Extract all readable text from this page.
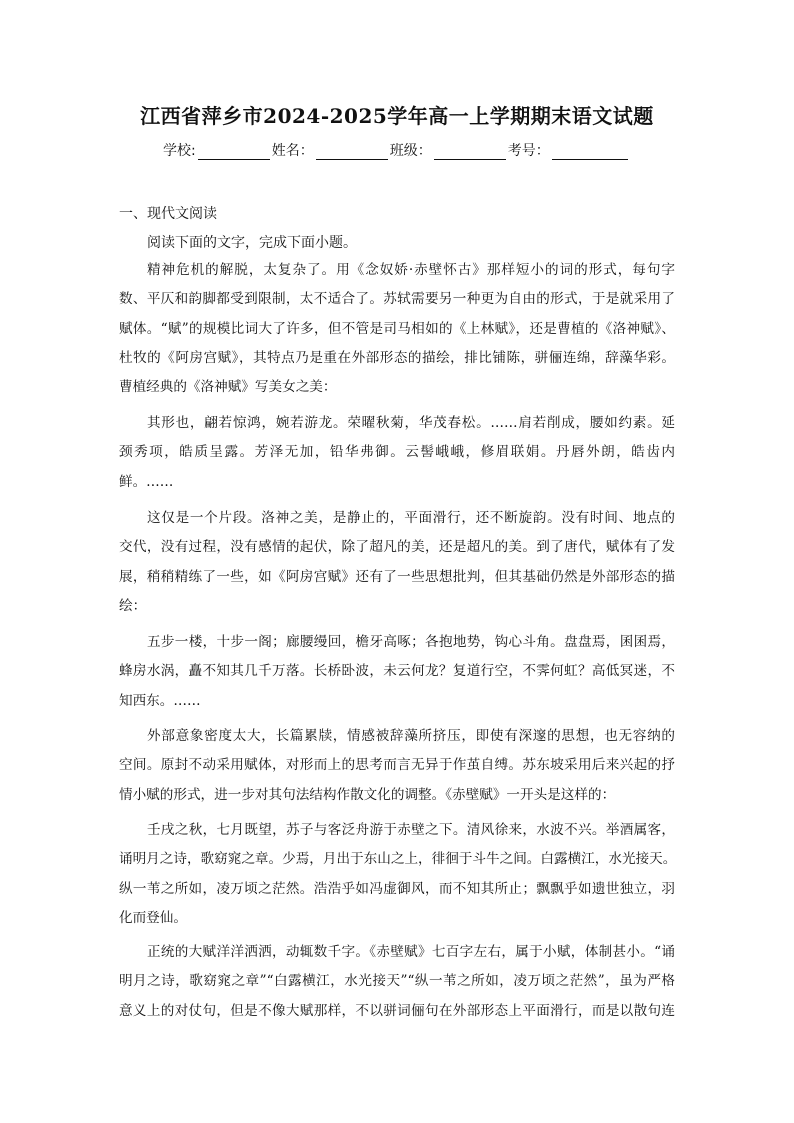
江西省萍乡市2024-2025学年高一上学期期末语文试题
学校:	姓名：	班级：	考号：
一、现代文阅读
阅读下面的文字，完成下面小题。
精神危机的解脱，太复杂了。用《念奴娇·赤壁怀古》那样短小的词的形式，每句字
数、平仄和韵脚都受到限制，太不适合了。苏轼需要另一种更为自由的形式，于是就采用了
赋体。“赋”的规模比词大了许多，但不管是司马相如的《上林赋》，还是曹植的《洛神赋》、
杜牧的《阿房宫赋》，其特点乃是重在外部形态的描绘，排比铺陈，骈俪连绵，辞藻华彩。
曹植经典的《洛神赋》写美女之美：
其形也，翩若惊鸿，婉若游龙。荣曜秋菊，华茂春松。……肩若削成，腰如约素。延
颈秀项，皓质呈露。芳泽无加，铅华弗御。云髻峨峨，修眉联娟。丹唇外朗，皓齿内
鲜。……
这仅是一个片段。洛神之美，是静止的，平面滑行，还不断旋韵。没有时间、地点的
交代，没有过程，没有感情的起伏，除了超凡的美，还是超凡的美。到了唐代，赋体有了发
展，稍稍精练了一些，如《阿房宫赋》还有了一些思想批判，但其基础仍然是外部形态的描
绘：
五步一楼，十步一阁；廊腰缦回，檐牙高啄；各抱地势，钩心斗角。盘盘焉，囷囷焉，
蜂房水涡，矗不知其几千万落。长桥卧波，未云何龙？复道行空，不霁何虹？高低冥迷，不
知西东。……
外部意象密度太大，长篇累牍，情感被辞藻所挤压，即使有深邃的思想，也无容纳的
空间。原封不动采用赋体，对形而上的思考而言无异于作茧自缚。苏东坡采用后来兴起的抒
情小赋的形式，进一步对其句法结构作散文化的调整。《赤壁赋》一开头是这样的：
壬戌之秋，七月既望，苏子与客泛舟游于赤壁之下。清风徐来，水波不兴。举酒属客，
诵明月之诗，歌窈窕之章。少焉，月出于东山之上，徘徊于斗牛之间。白露横江，水光接天。
纵一苇之所如，凌万顷之茫然。浩浩乎如冯虚御风，而不知其所止；飘飘乎如遗世独立，羽
化而登仙。
正统的大赋洋洋洒洒，动辄数千字。《赤壁赋》七百字左右，属于小赋，体制甚小。“诵
明月之诗，歌窈窕之章”“白露横江，水光接天”“纵一苇之所如，凌万顷之茫然”，虽为严格
意义上的对仗句，但是不像大赋那样，不以骈词俪句在外部形态上平面滑行，而是以散句连
